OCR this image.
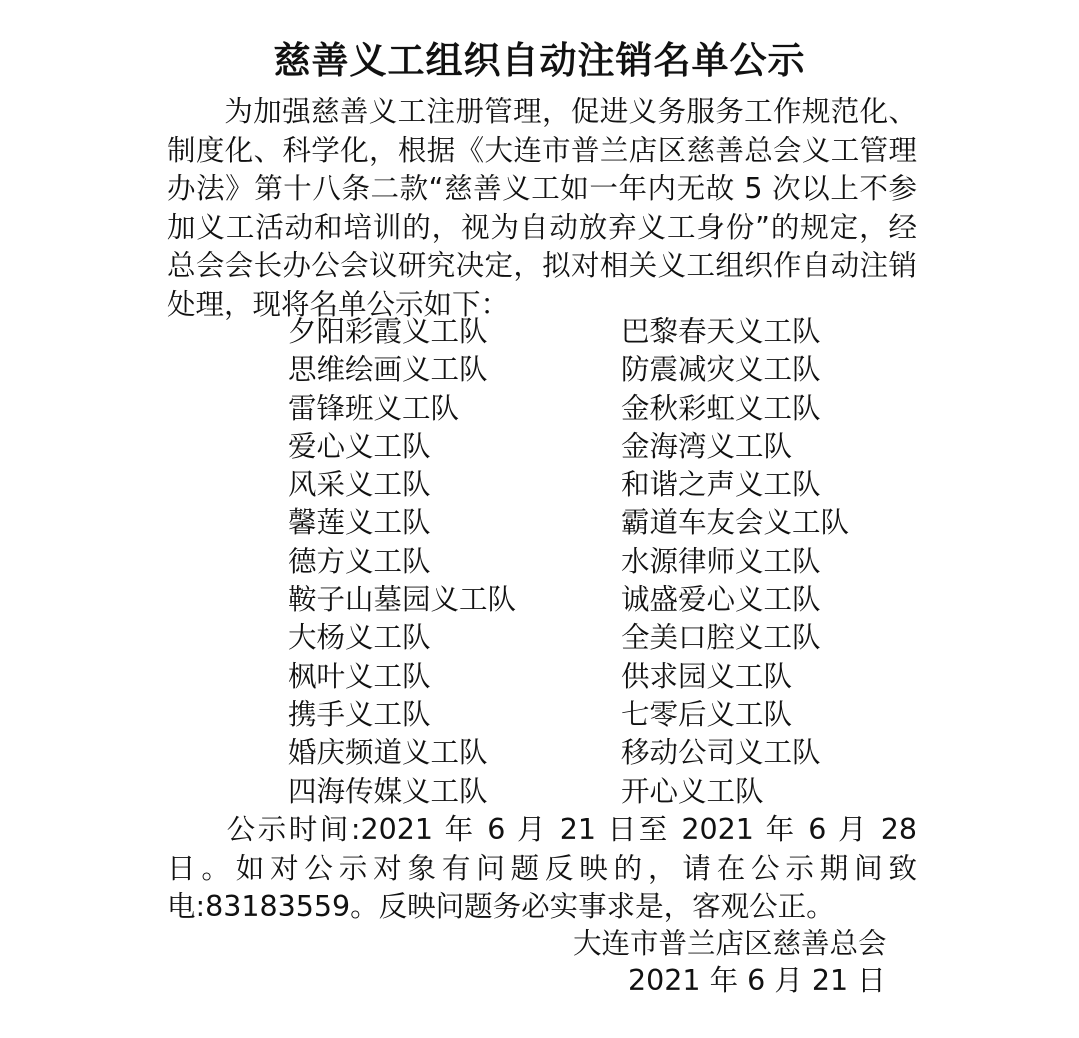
慈善义工组织自动注销名单公示
为加强慈善义工注册管理，促进义务服务工作规范化、制度化、科学化，根据《大连市普兰店区慈善总会义工管理办法》第十八条二款“慈善义工如一年内无故 5 次以上不参加义工活动和培训的，视为自动放弃义工身份”的规定，经总会会长办公会议研究决定，拟对相关义工组织作自动注销处理，现将名单公示如下：
夕阳彩霞义工队
思维绘画义工队
雷锋班义工队
爱心义工队
风采义工队
馨莲义工队
德方义工队
鞍子山墓园义工队
大杨义工队
枫叶义工队
携手义工队
婚庆频道义工队
四海传媒义工队
巴黎春天义工队
防震减灾义工队
金秋彩虹义工队
金海湾义工队
和谐之声义工队
霸道车友会义工队
水源律师义工队
诚盛爱心义工队
全美口腔义工队
供求园义工队
七零后义工队
移动公司义工队
开心义工队
公示时间:2021 年 6 月 21 日至 2021 年 6 月 28 日。如对公示对象有问题反映的，请在公示期间致电:83183559。反映问题务必实事求是，客观公正。
大连市普兰店区慈善总会
2021 年 6 月 21 日
